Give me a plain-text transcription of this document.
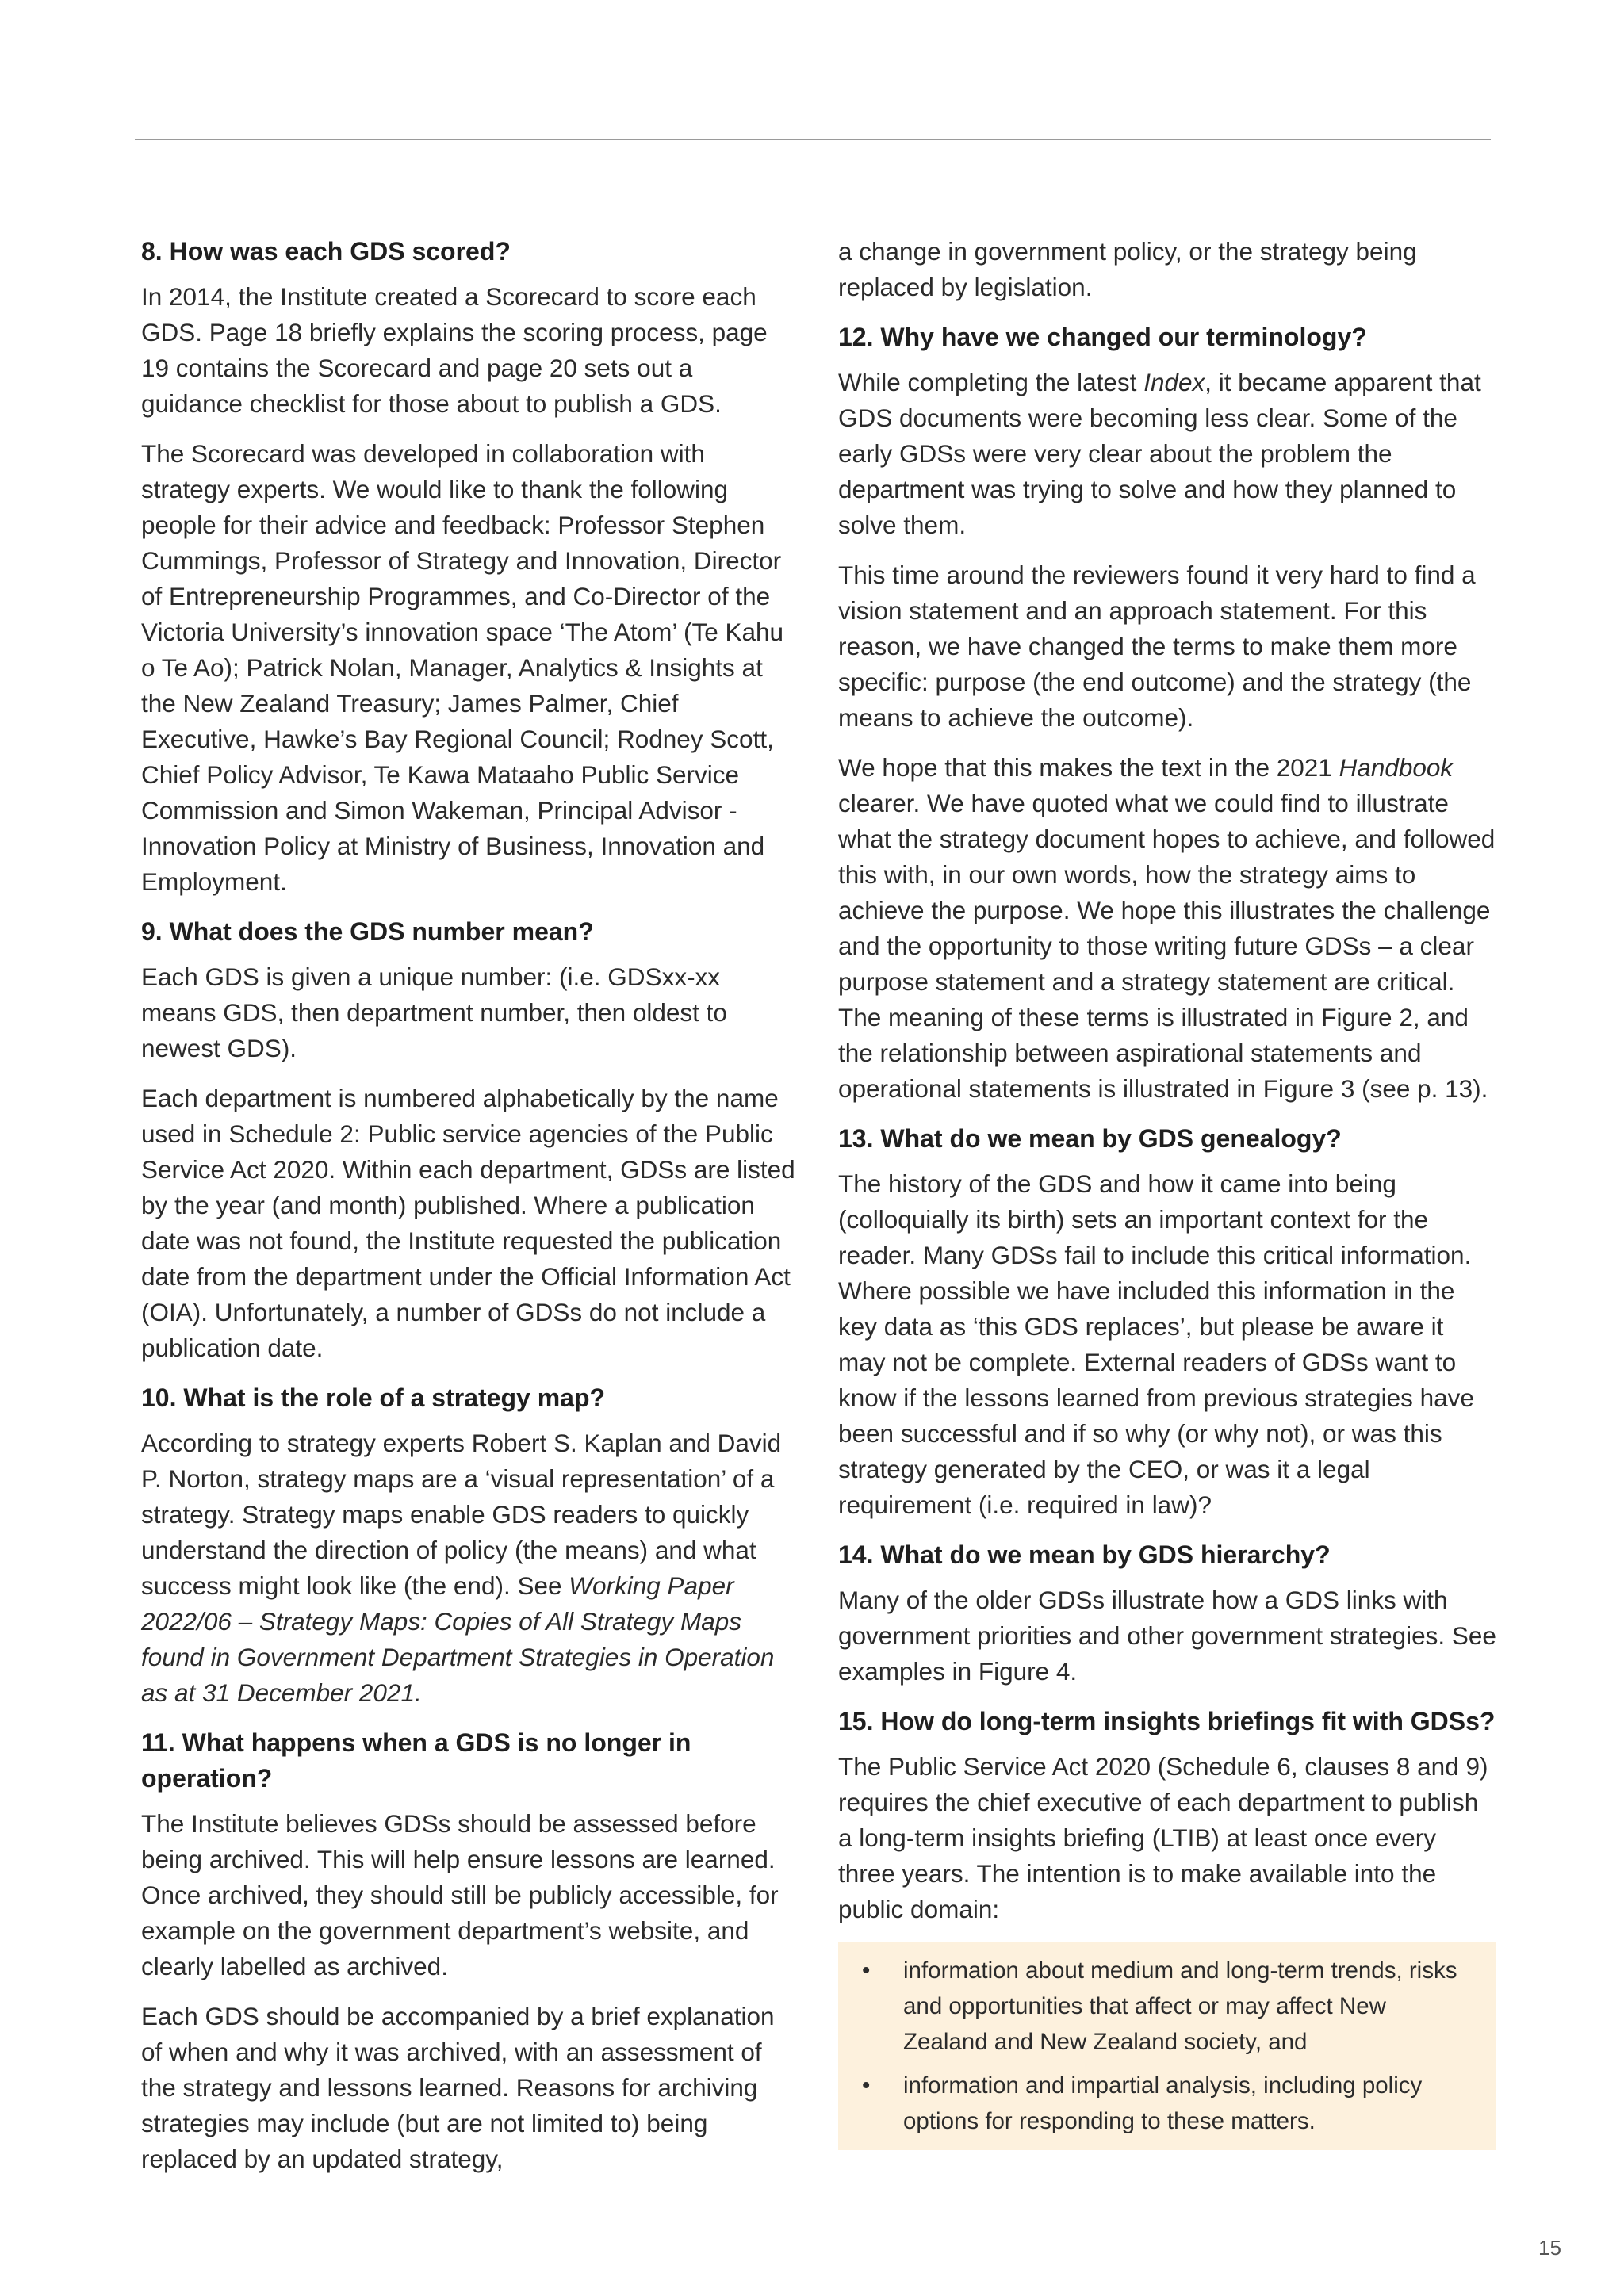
8. How was each GDS scored?

In 2014, the Institute created a Scorecard to score each GDS. Page 18 briefly explains the scoring process, page 19 contains the Scorecard and page 20 sets out a guidance checklist for those about to publish a GDS.

The Scorecard was developed in collaboration with strategy experts. We would like to thank the following people for their advice and feedback: Professor Stephen Cummings, Professor of Strategy and Innovation, Director of Entrepreneurship Programmes, and Co-Director of the Victoria University’s innovation space ‘The Atom’ (Te Kahu o Te Ao); Patrick Nolan, Manager, Analytics & Insights at the New Zealand Treasury; James Palmer, Chief Executive, Hawke’s Bay Regional Council; Rodney Scott, Chief Policy Advisor, Te Kawa Mataaho Public Service Commission and Simon Wakeman, Principal Advisor - Innovation Policy at Ministry of Business, Innovation and Employment.

9. What does the GDS number mean?

Each GDS is given a unique number: (i.e. GDSxx-xx means GDS, then department number, then oldest to newest GDS).

Each department is numbered alphabetically by the name used in Schedule 2: Public service agencies of the Public Service Act 2020. Within each department, GDSs are listed by the year (and month) published. Where a publication date was not found, the Institute requested the publication date from the department under the Official Information Act (OIA). Unfortunately, a number of GDSs do not include a publication date.

10. What is the role of a strategy map?

According to strategy experts Robert S. Kaplan and David P. Norton, strategy maps are a ‘visual representation’ of a strategy. Strategy maps enable GDS readers to quickly understand the direction of policy (the means) and what success might look like (the end). See Working Paper 2022/06 – Strategy Maps: Copies of All Strategy Maps found in Government Department Strategies in Operation as at 31 December 2021.

11. What happens when a GDS is no longer in operation?

The Institute believes GDSs should be assessed before being archived. This will help ensure lessons are learned. Once archived, they should still be publicly accessible, for example on the government department’s website, and clearly labelled as archived.

Each GDS should be accompanied by a brief explanation of when and why it was archived, with an assessment of the strategy and lessons learned. Reasons for archiving strategies may include (but are not limited to) being replaced by an updated strategy,

a change in government policy, or the strategy being replaced by legislation.

12. Why have we changed our terminology?

While completing the latest Index, it became apparent that GDS documents were becoming less clear. Some of the early GDSs were very clear about the problem the department was trying to solve and how they planned to solve them.

This time around the reviewers found it very hard to find a vision statement and an approach statement. For this reason, we have changed the terms to make them more specific: purpose (the end outcome) and the strategy (the means to achieve the outcome).

We hope that this makes the text in the 2021 Handbook clearer. We have quoted what we could find to illustrate what the strategy document hopes to achieve, and followed this with, in our own words, how the strategy aims to achieve the purpose. We hope this illustrates the challenge and the opportunity to those writing future GDSs – a clear purpose statement and a strategy statement are critical. The meaning of these terms is illustrated in Figure 2, and the relationship between aspirational statements and operational statements is illustrated in Figure 3 (see p. 13).

13. What do we mean by GDS genealogy?

The history of the GDS and how it came into being (colloquially its birth) sets an important context for the reader. Many GDSs fail to include this critical information. Where possible we have included this information in the key data as ‘this GDS replaces’, but please be aware it may not be complete. External readers of GDSs want to know if the lessons learned from previous strategies have been successful and if so why (or why not), or was this strategy generated by the CEO, or was it a legal requirement (i.e. required in law)?

14. What do we mean by GDS hierarchy?

Many of the older GDSs illustrate how a GDS links with government priorities and other government strategies. See examples in Figure 4.

15. How do long-term insights briefings fit with GDSs?

The Public Service Act 2020 (Schedule 6, clauses 8 and 9) requires the chief executive of each department to publish a long-term insights briefing (LTIB) at least once every three years. The intention is to make available into the public domain:

• information about medium and long-term trends, risks and opportunities that affect or may affect New Zealand and New Zealand society, and
• information and impartial analysis, including policy options for responding to these matters.
15
